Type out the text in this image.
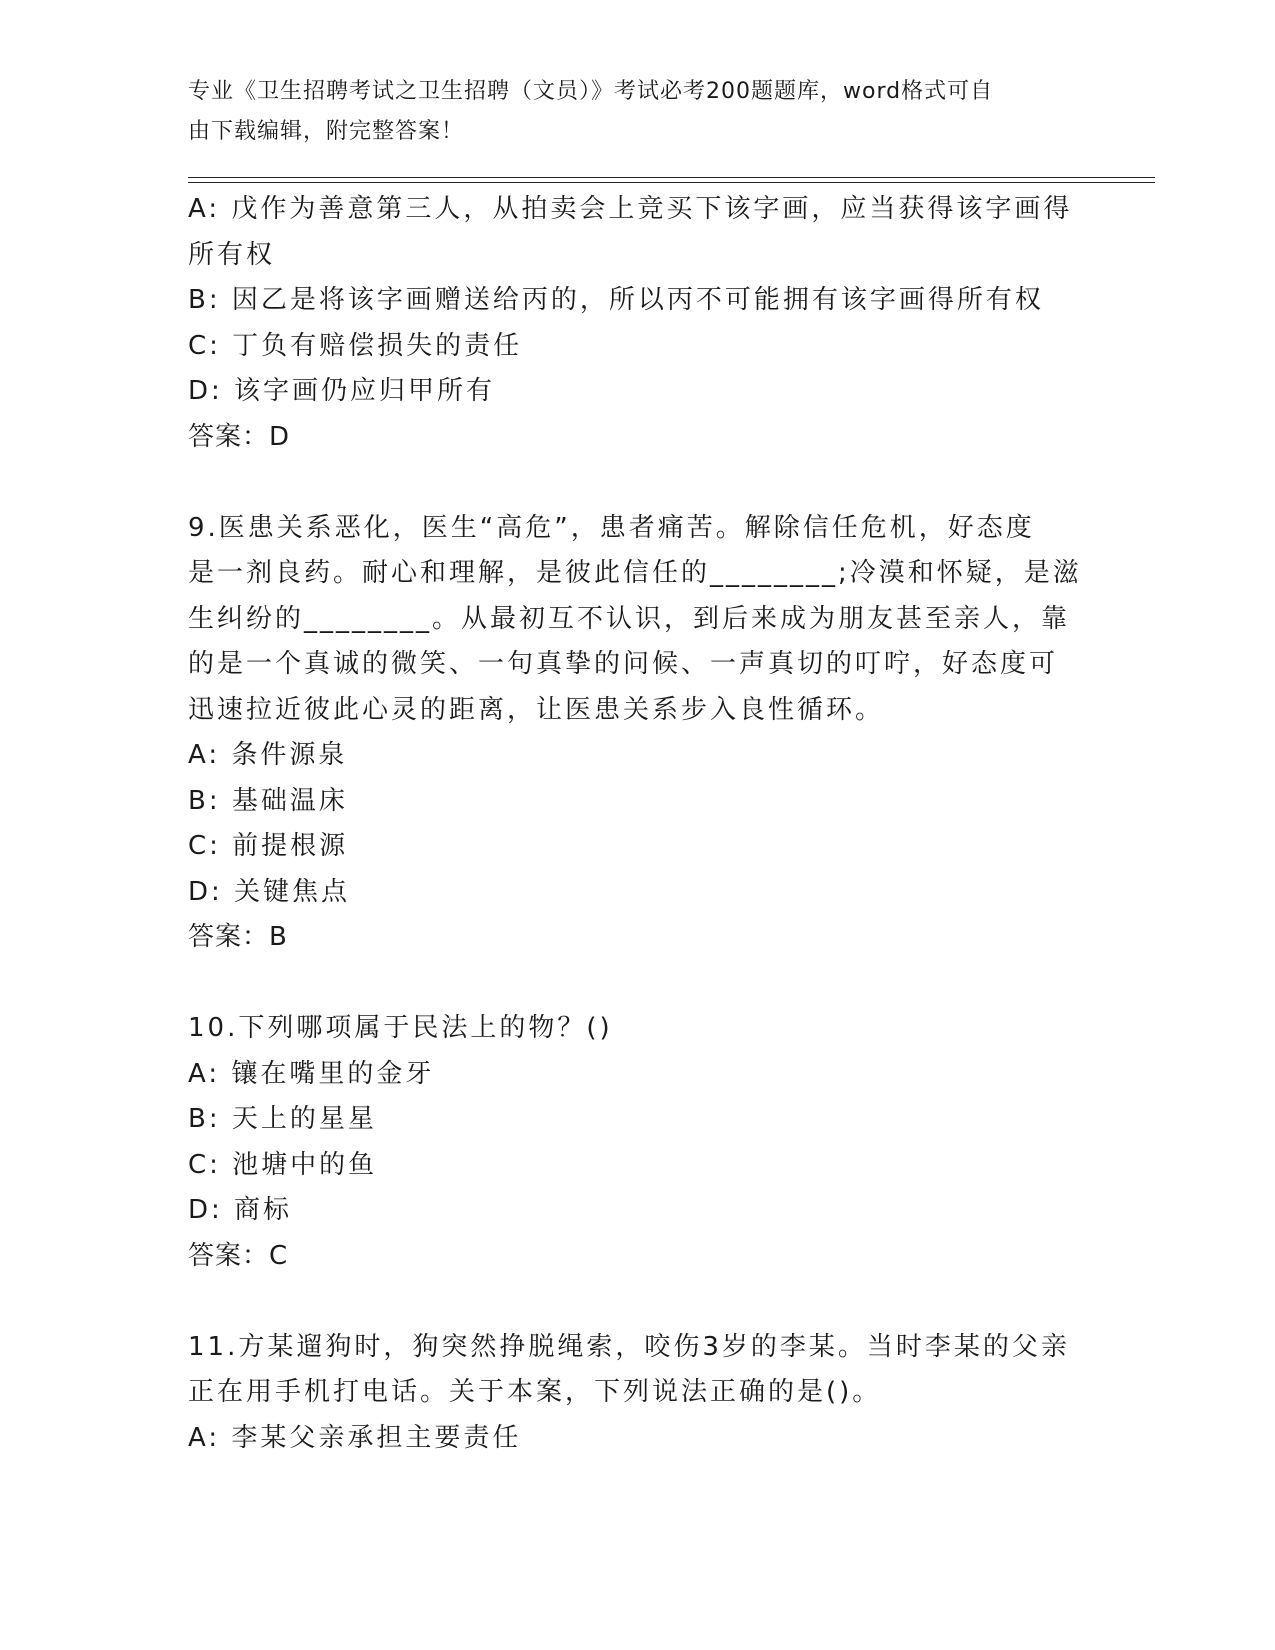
专业《卫生招聘考试之卫生招聘（文员）》考试必考200题题库，word格式可自
由下载编辑，附完整答案！
A: 戊作为善意第三人，从拍卖会上竞买下该字画，应当获得该字画得
所有权
B: 因乙是将该字画赠送给丙的，所以丙不可能拥有该字画得所有权
C: 丁负有赔偿损失的责任
D: 该字画仍应归甲所有
答案：D
9.医患关系恶化，医生“高危”，患者痛苦。解除信任危机，好态度
是一剂良药。耐心和理解，是彼此信任的________;冷漠和怀疑，是滋
生纠纷的________。从最初互不认识，到后来成为朋友甚至亲人，靠
的是一个真诚的微笑、一句真挚的问候、一声真切的叮咛，好态度可
迅速拉近彼此心灵的距离，让医患关系步入良性循环。
A: 条件源泉
B: 基础温床
C: 前提根源
D: 关键焦点
答案：B
10.下列哪项属于民法上的物？()
A: 镶在嘴里的金牙
B: 天上的星星
C: 池塘中的鱼
D: 商标
答案：C
11.方某遛狗时，狗突然挣脱绳索，咬伤3岁的李某。当时李某的父亲
正在用手机打电话。关于本案，下列说法正确的是()。
A: 李某父亲承担主要责任
